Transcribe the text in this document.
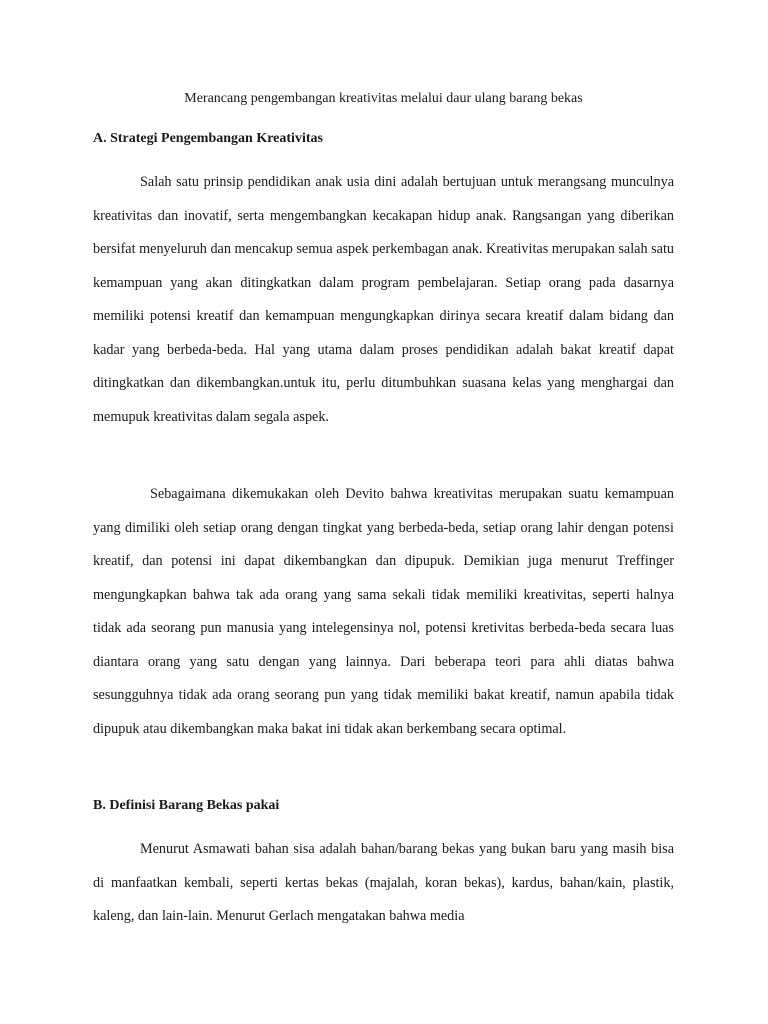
Merancang pengembangan kreativitas melalui daur ulang barang bekas
A. Strategi Pengembangan Kreativitas

Salah satu prinsip pendidikan anak usia dini adalah bertujuan untuk merangsang munculnya kreativitas dan inovatif, serta mengembangkan kecakapan hidup anak. Rangsangan yang diberikan bersifat menyeluruh dan mencakup semua aspek perkembagan anak. Kreativitas merupakan salah satu kemampuan yang akan ditingkatkan dalam program pembelajaran. Setiap orang pada dasarnya memiliki potensi kreatif dan kemampuan mengungkapkan dirinya secara kreatif dalam bidang dan kadar yang berbeda-beda. Hal yang utama dalam proses pendidikan adalah bakat kreatif dapat ditingkatkan dan dikembangkan.untuk itu, perlu ditumbuhkan suasana kelas yang menghargai dan memupuk kreativitas dalam segala aspek.

Sebagaimana dikemukakan oleh Devito bahwa kreativitas merupakan suatu kemampuan yang dimiliki oleh setiap orang dengan tingkat yang berbeda-beda, setiap orang lahir dengan potensi kreatif, dan potensi ini dapat dikembangkan dan dipupuk. Demikian juga menurut Treffinger mengungkapkan bahwa tak ada orang yang sama sekali tidak memiliki kreativitas, seperti halnya tidak ada seorang pun manusia yang intelegensinya nol, potensi kretivitas berbeda-beda secara luas diantara orang yang satu dengan yang lainnya. Dari beberapa teori para ahli diatas bahwa sesungguhnya tidak ada orang seorang pun yang tidak memiliki bakat kreatif, namun apabila tidak dipupuk atau dikembangkan maka bakat ini tidak akan berkembang secara optimal.

B. Definisi Barang Bekas pakai

Menurut Asmawati bahan sisa adalah bahan/barang bekas yang bukan baru yang masih bisa di manfaatkan kembali, seperti kertas bekas (majalah, koran bekas), kardus, bahan/kain, plastik, kaleng, dan lain-lain. Menurut Gerlach mengatakan bahwa media
